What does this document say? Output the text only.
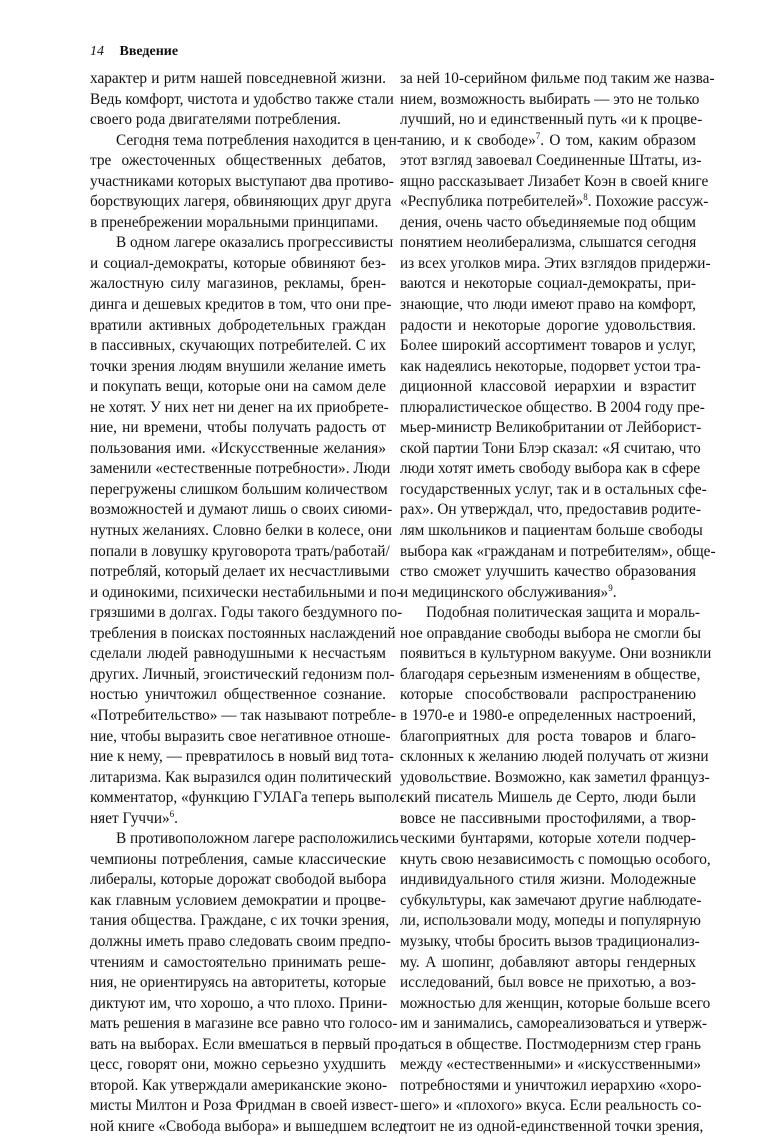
14 Введение
характер и ритм нашей повседневной жизни.
Ведь комфорт, чистота и удобство также стали
своего рода двигателями потребления.
Сегодня тема потребления находится в цен-
тре ожесточенных общественных дебатов,
участниками которых выступают два противо-
борствующих лагеря, обвиняющих друг друга
в пренебрежении моральными принципами.
В одном лагере оказались прогрессивисты
и социал-демократы, которые обвиняют без-
жалостную силу магазинов, рекламы, брен-
динга и дешевых кредитов в том, что они пре-
вратили активных добродетельных граждан
в пассивных, скучающих потребителей. С их
точки зрения людям внушили желание иметь
и покупать вещи, которые они на самом деле
не хотят. У них нет ни денег на их приобрете-
ние, ни времени, чтобы получать радость от
пользования ими. «Искусственные желания»
заменили «естественные потребности». Люди
перегружены слишком большим количеством
возможностей и думают лишь о своих сиюми-
нутных желаниях. Словно белки в колесе, они
попали в ловушку круговорота трать/работай/
потребляй, который делает их несчастливыми
и одинокими, психически нестабильными и по-
грязшими в долгах. Годы такого бездумного по-
требления в поисках постоянных наслаждений
сделали людей равнодушными к несчастьям
других. Личный, эгоистический гедонизм пол-
ностью уничтожил общественное сознание.
«Потребительство» — так называют потребле-
ние, чтобы выразить свое негативное отноше-
ние к нему, — превратилось в новый вид тота-
литаризма. Как выразился один политический
комментатор, «функцию ГУЛАГа теперь выпол-
няет Гуччи»$^6$.
В противоположном лагере расположились
чемпионы потребления, самые классические
либералы, которые дорожат свободой выбора
как главным условием демократии и процве-
тания общества. Граждане, с их точки зрения,
должны иметь право следовать своим предпо-
чтениям и самостоятельно принимать реше-
ния, не ориентируясь на авторитеты, которые
диктуют им, что хорошо, а что плохо. Прини-
мать решения в магазине все равно что голосо-
вать на выборах. Если вмешаться в первый про-
цесс, говорят они, можно серьезно ухудшить
второй. Как утверждали американские эконо-
мисты Милтон и Роза Фридман в своей извест-
ной книге «Свобода выбора» и вышедшем вслед
за ней 10-серийном фильме под таким же назва-
нием, возможность выбирать — это не только
лучший, но и единственный путь «и к процве-
танию, и к свободе»$^7$. О том, каким образом
этот взгляд завоевал Соединенные Штаты, из-
ящно рассказывает Лизабет Коэн в своей книге
«Республика потребителей»$^8$. Похожие рассуж-
дения, очень часто объединяемые под общим
понятием неолиберализма, слышатся сегодня
из всех уголков мира. Этих взглядов придержи-
ваются и некоторые социал-демократы, при-
знающие, что люди имеют право на комфорт,
радости и некоторые дорогие удовольствия.
Более широкий ассортимент товаров и услуг,
как надеялись некоторые, подорвет устои тра-
диционной классовой иерархии и взрастит
плюралистическое общество. В 2004 году пре-
мьер-министр Великобритании от Лейборист-
ской партии Тони Блэр сказал: «Я считаю, что
люди хотят иметь свободу выбора как в сфере
государственных услуг, так и в остальных сфе-
рах». Он утверждал, что, предоставив родите-
лям школьников и пациентам больше свободы
выбора как «гражданам и потребителям», обще-
ство сможет улучшить качество образования
и медицинского обслуживания»$^9$.
Подобная политическая защита и мораль-
ное оправдание свободы выбора не смогли бы
появиться в культурном вакууме. Они возникли
благодаря серьезным изменениям в обществе,
которые способствовали распространению
в 1970-е и 1980-е определенных настроений,
благоприятных для роста товаров и благо-
склонных к желанию людей получать от жизни
удовольствие. Возможно, как заметил француз-
ский писатель Мишель де Серто, люди были
вовсе не пассивными простофилями, а твор-
ческими бунтарями, которые хотели подчер-
кнуть свою независимость с помощью особого,
индивидуального стиля жизни. Молодежные
субкультуры, как замечают другие наблюдате-
ли, использовали моду, мопеды и популярную
музыку, чтобы бросить вызов традиционализ-
му. А шопинг, добавляют авторы гендерных
исследований, был вовсе не прихотью, а воз-
можностью для женщин, которые больше всего
им и занимались, самореализоваться и утверж-
даться в обществе. Постмодернизм стер грань
между «естественными» и «искусственными»
потребностями и уничтожил иерархию «хоро-
шего» и «плохого» вкуса. Если реальность со-
стоит не из одной-единственной точки зрения,
